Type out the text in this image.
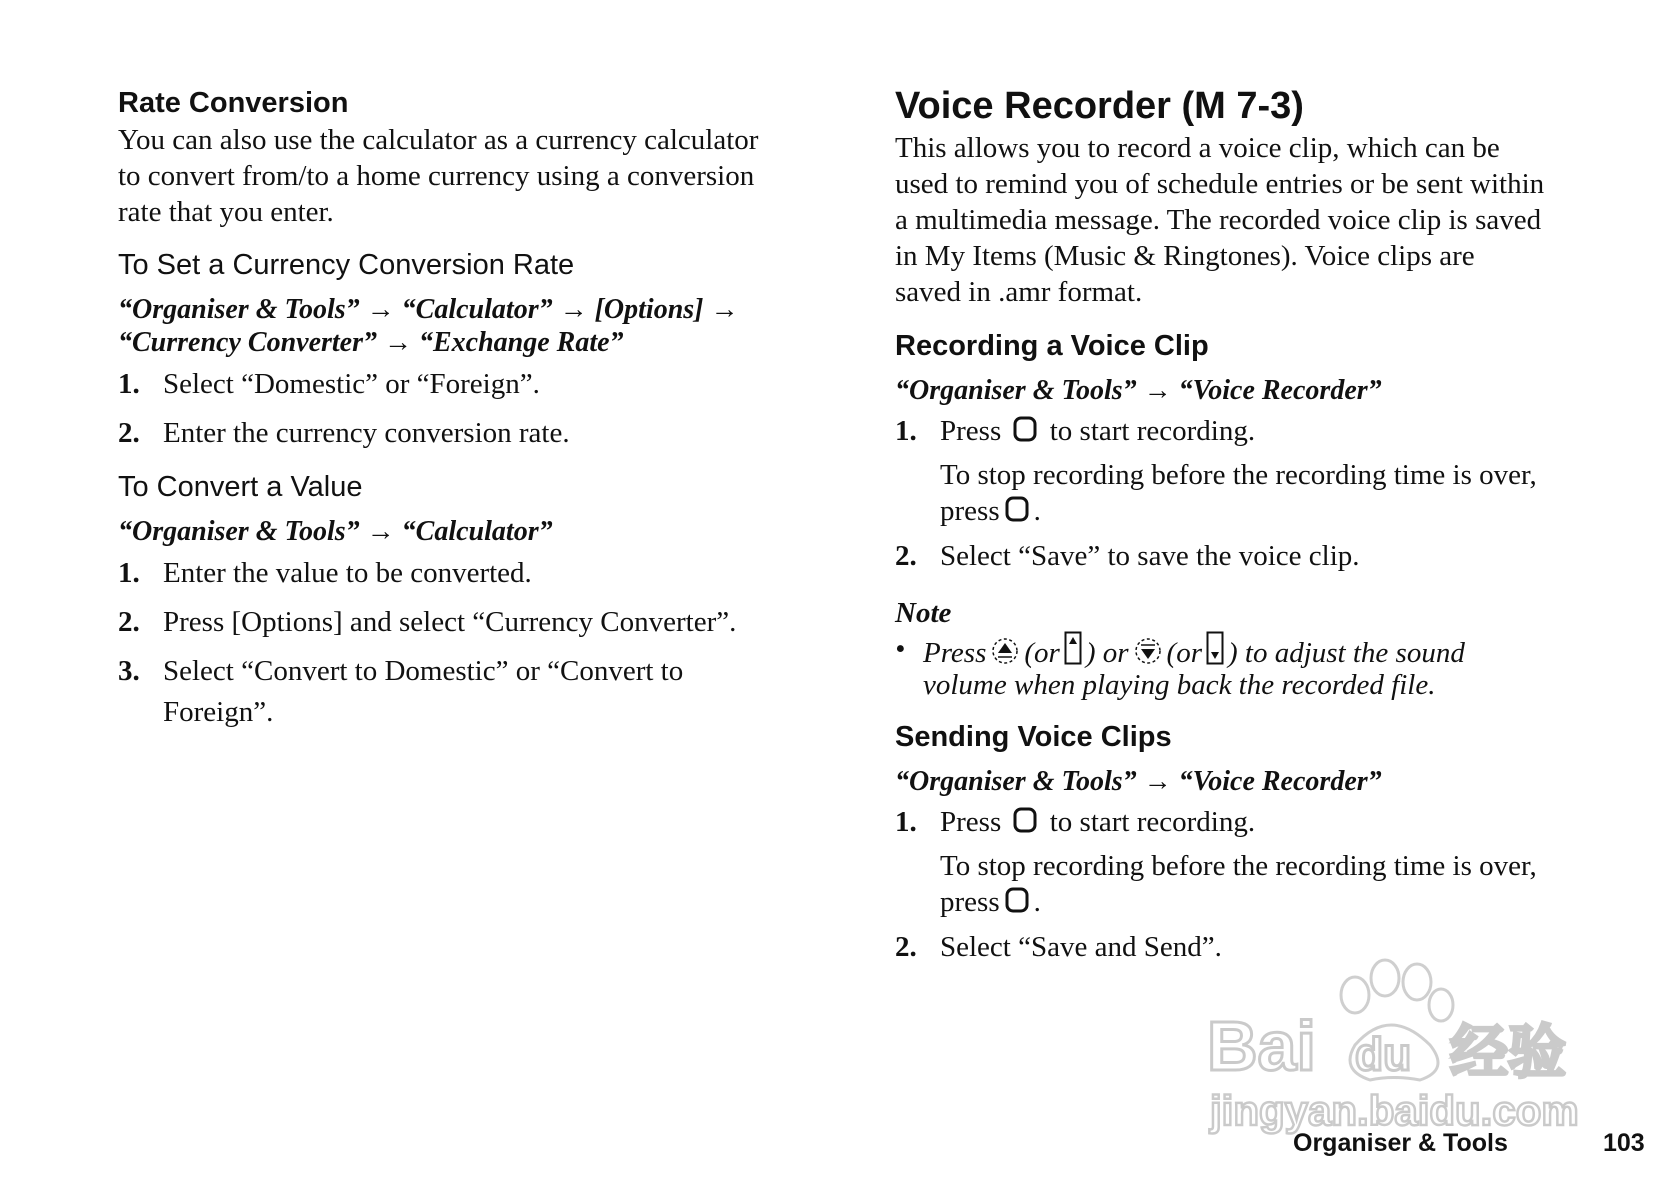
Rate Conversion
You can also use the calculator as a currency calculator
to convert from/to a home currency using a conversion
rate that you enter.
To Set a Currency Conversion Rate
“Organiser & Tools” → “Calculator” → [Options] →
“Currency Converter” → “Exchange Rate”
1. Select “Domestic” or “Foreign”.
2. Enter the currency conversion rate.
To Convert a Value
“Organiser & Tools” → “Calculator”
1. Enter the value to be converted.
2. Press [Options] and select “Currency Converter”.
3. Select “Convert to Domestic” or “Convert to
Foreign”.
Voice Recorder (M 7-3)
This allows you to record a voice clip, which can be
used to remind you of schedule entries or be sent within
a multimedia message. The recorded voice clip is saved
in My Items (Music & Ringtones). Voice clips are
saved in .amr format.
Recording a Voice Clip
“Organiser & Tools” → “Voice Recorder”
1. Press to start recording.
To stop recording before the recording time is over,
press .
2. Select “Save” to save the voice clip.
Note
• Press (or ) or (or ) to adjust the sound
volume when playing back the recorded file.
Sending Voice Clips
“Organiser & Tools” → “Voice Recorder”
1. Press to start recording.
To stop recording before the recording time is over,
press .
2. Select “Save and Send”.
Bai du 经验
jingyan.baidu.com
Organiser & Tools	103
